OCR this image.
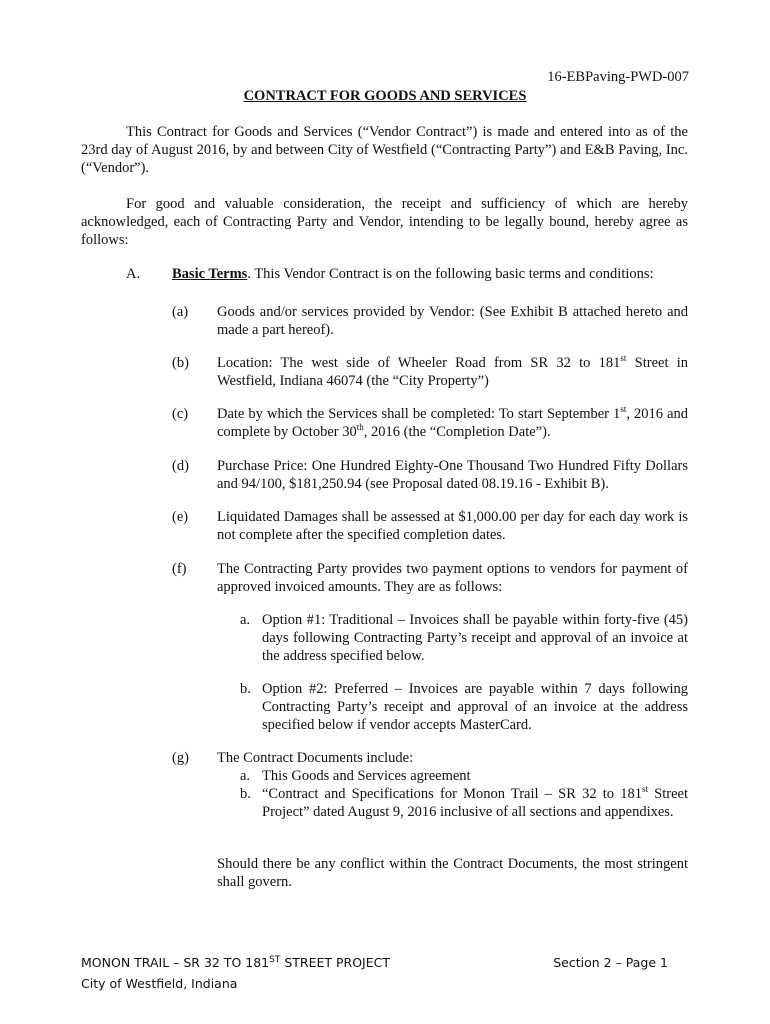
16-EBPaving-PWD-007
CONTRACT FOR GOODS AND SERVICES
This Contract for Goods and Services (“Vendor Contract”) is made and entered into as of the 23rd day of August 2016, by and between City of Westfield (“Contracting Party”) and E&B Paving, Inc. (“Vendor”).
For good and valuable consideration, the receipt and sufficiency of which are hereby acknowledged, each of Contracting Party and Vendor, intending to be legally bound, hereby agree as follows:
A. Basic Terms. This Vendor Contract is on the following basic terms and conditions:
(a) Goods and/or services provided by Vendor: (See Exhibit B attached hereto and made a part hereof).
(b) Location: The west side of Wheeler Road from SR 32 to 181st Street in Westfield, Indiana 46074 (the “City Property”)
(c) Date by which the Services shall be completed: To start September 1st, 2016 and complete by October 30th, 2016 (the “Completion Date”).
(d) Purchase Price: One Hundred Eighty-One Thousand Two Hundred Fifty Dollars and 94/100, $181,250.94 (see Proposal dated 08.19.16 - Exhibit B).
(e) Liquidated Damages shall be assessed at $1,000.00 per day for each day work is not complete after the specified completion dates.
(f) The Contracting Party provides two payment options to vendors for payment of approved invoiced amounts. They are as follows:
a. Option #1: Traditional – Invoices shall be payable within forty-five (45) days following Contracting Party’s receipt and approval of an invoice at the address specified below.
b. Option #2: Preferred – Invoices are payable within 7 days following Contracting Party’s receipt and approval of an invoice at the address specified below if vendor accepts MasterCard.
(g) The Contract Documents include:
a. This Goods and Services agreement
b. “Contract and Specifications for Monon Trail – SR 32 to 181st Street Project” dated August 9, 2016 inclusive of all sections and appendixes.
Should there be any conflict within the Contract Documents, the most stringent shall govern.
MONON TRAIL – SR 32 TO 181ST STREET PROJECT
City of Westfield, Indiana
Section 2 – Page 1
